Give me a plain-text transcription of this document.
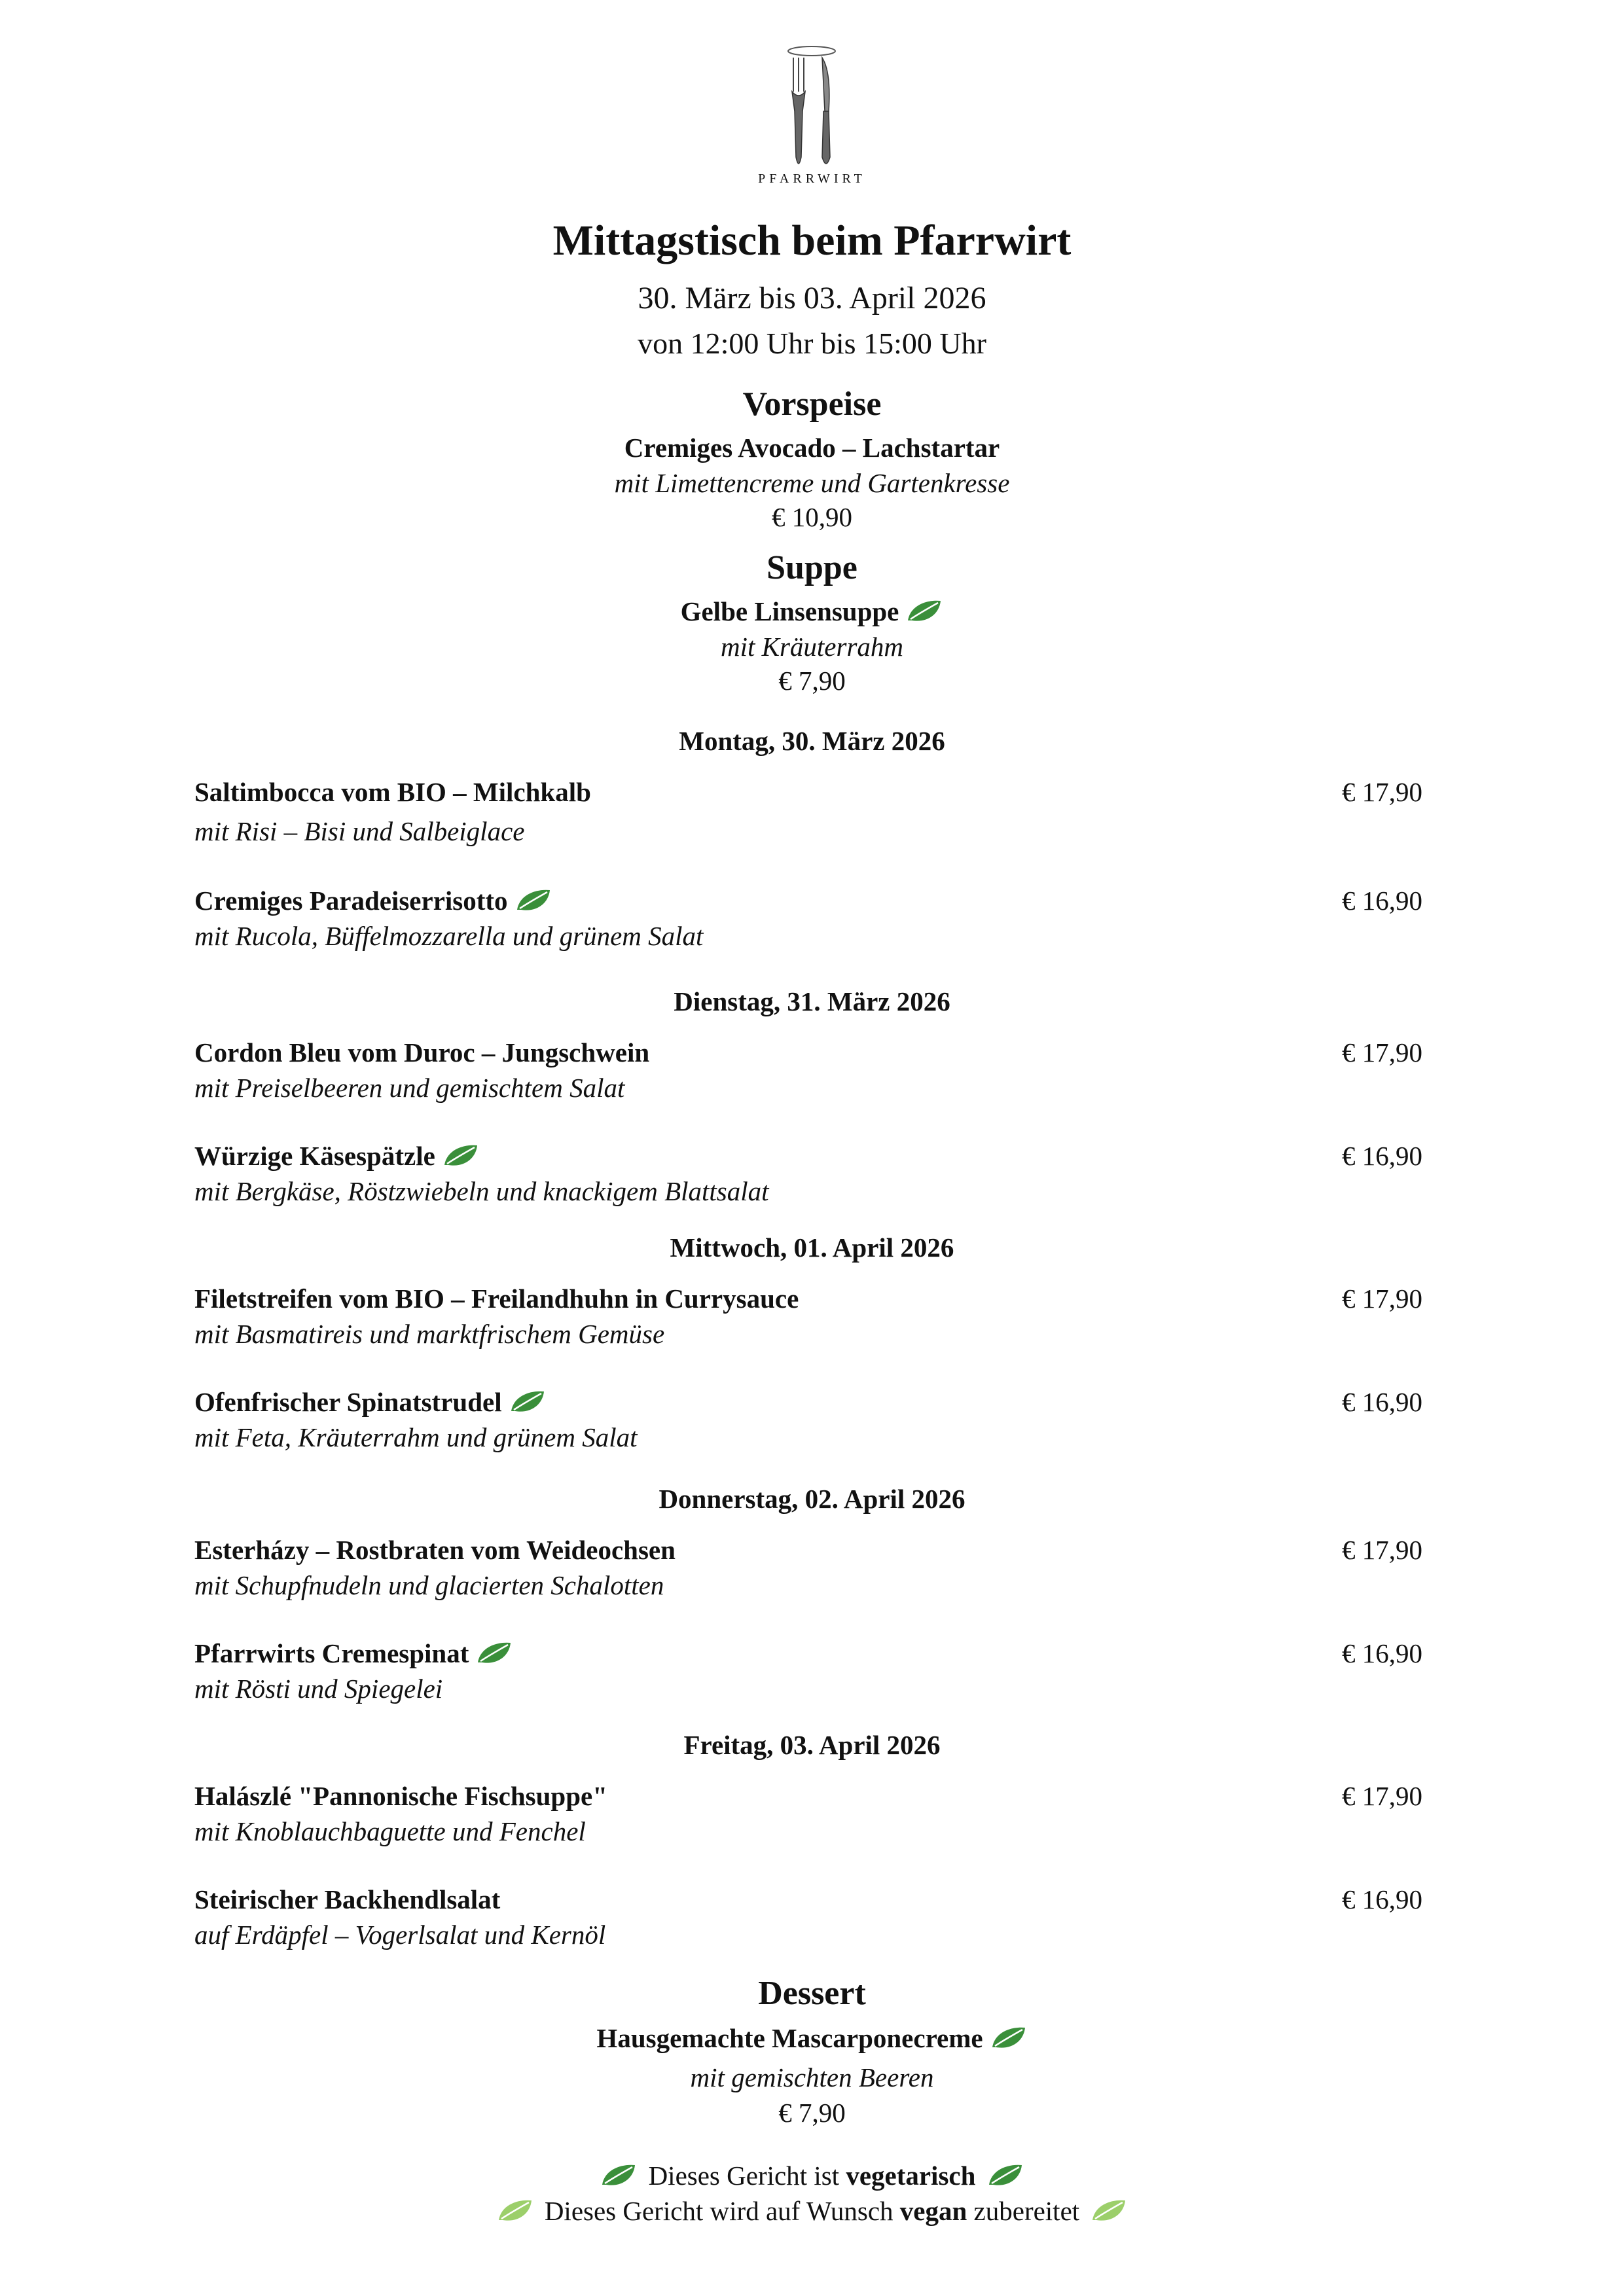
PFARRWIRT
Mittagstisch beim Pfarrwirt
30. März bis 03. April 2026
von 12:00 Uhr bis 15:00 Uhr
Vorspeise
Cremiges Avocado – Lachstartar
mit Limettencreme und Gartenkresse
€ 10,90
Suppe
Gelbe Linsensuppe
mit Kräuterrahm
€ 7,90
Montag, 30. März 2026
Saltimbocca vom BIO – Milchkalb	€ 17,90
mit Risi – Bisi und Salbeiglace
Cremiges Paradeiserrisotto	€ 16,90
mit Rucola, Büffelmozzarella und grünem Salat
Dienstag, 31. März 2026
Cordon Bleu vom Duroc – Jungschwein	€ 17,90
mit Preiselbeeren und gemischtem Salat
Würzige Käsespätzle	€ 16,90
mit Bergkäse, Röstzwiebeln und knackigem Blattsalat
Mittwoch, 01. April 2026
Filetstreifen vom BIO – Freilandhuhn in Currysauce	€ 17,90
mit Basmatireis und marktfrischem Gemüse
Ofenfrischer Spinatstrudel	€ 16,90
mit Feta, Kräuterrahm und grünem Salat
Donnerstag, 02. April 2026
Esterházy – Rostbraten vom Weideochsen	€ 17,90
mit Schupfnudeln und glacierten Schalotten
Pfarrwirts Cremespinat	€ 16,90
mit Rösti und Spiegelei
Freitag, 03. April 2026
Halászlé "Pannonische Fischsuppe"	€ 17,90
mit Knoblauchbaguette und Fenchel
Steirischer Backhendlsalat	€ 16,90
auf Erdäpfel – Vogerlsalat und Kernöl
Dessert
Hausgemachte Mascarponecreme
mit gemischten Beeren
€ 7,90
Dieses Gericht ist vegetarisch
Dieses Gericht wird auf Wunsch vegan zubereitet
